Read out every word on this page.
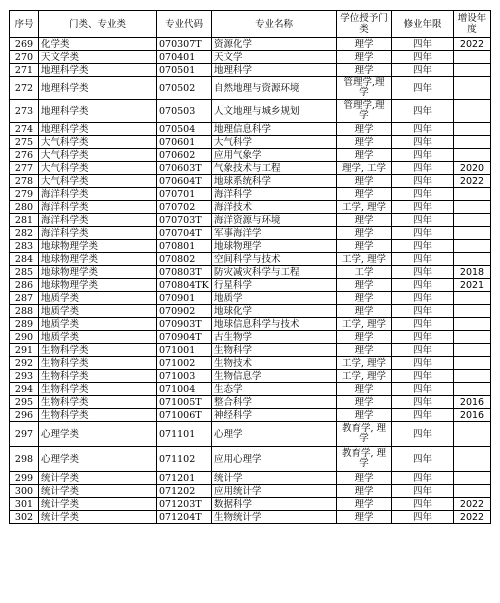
序号	门类、专业类	专业代码	专业名称	学位授予门类	修业年限	增设年度
269	化学类	070307T	资源化学	理学	四年	2022
270	天文学类	070401	天文学	理学	四年	
271	地理科学类	070501	地理科学	理学	四年	
272	地理科学类	070502	自然地理与资源环境	管理学,理学	四年	
273	地理科学类	070503	人文地理与城乡规划	管理学,理学	四年	
274	地理科学类	070504	地理信息科学	理学	四年	
275	大气科学类	070601	大气科学	理学	四年	
276	大气科学类	070602	应用气象学	理学	四年	
277	大气科学类	070603T	气象技术与工程	理学, 工学	四年	2020
278	大气科学类	070604T	地球系统科学	理学	四年	2022
279	海洋科学类	070701	海洋科学	理学	四年	
280	海洋科学类	070702	海洋技术	工学, 理学	四年	
281	海洋科学类	070703T	海洋资源与环境	理学	四年	
282	海洋科学类	070704T	军事海洋学	理学	四年	
283	地球物理学类	070801	地球物理学	理学	四年	
284	地球物理学类	070802	空间科学与技术	工学, 理学	四年	
285	地球物理学类	070803T	防灾减灾科学与工程	工学	四年	2018
286	地球物理学类	070804TK	行星科学	理学	四年	2021
287	地质学类	070901	地质学	理学	四年	
288	地质学类	070902	地球化学	理学	四年	
289	地质学类	070903T	地球信息科学与技术	工学, 理学	四年	
290	地质学类	070904T	古生物学	理学	四年	
291	生物科学类	071001	生物科学	理学	四年	
292	生物科学类	071002	生物技术	工学, 理学	四年	
293	生物科学类	071003	生物信息学	工学, 理学	四年	
294	生物科学类	071004	生态学	理学	四年	
295	生物科学类	071005T	整合科学	理学	四年	2016
296	生物科学类	071006T	神经科学	理学	四年	2016
297	心理学类	071101	心理学	教育学, 理学	四年	
298	心理学类	071102	应用心理学	教育学, 理学	四年	
299	统计学类	071201	统计学	理学	四年	
300	统计学类	071202	应用统计学	理学	四年	
301	统计学类	071203T	数据科学	理学	四年	2022
302	统计学类	071204T	生物统计学	理学	四年	2022
